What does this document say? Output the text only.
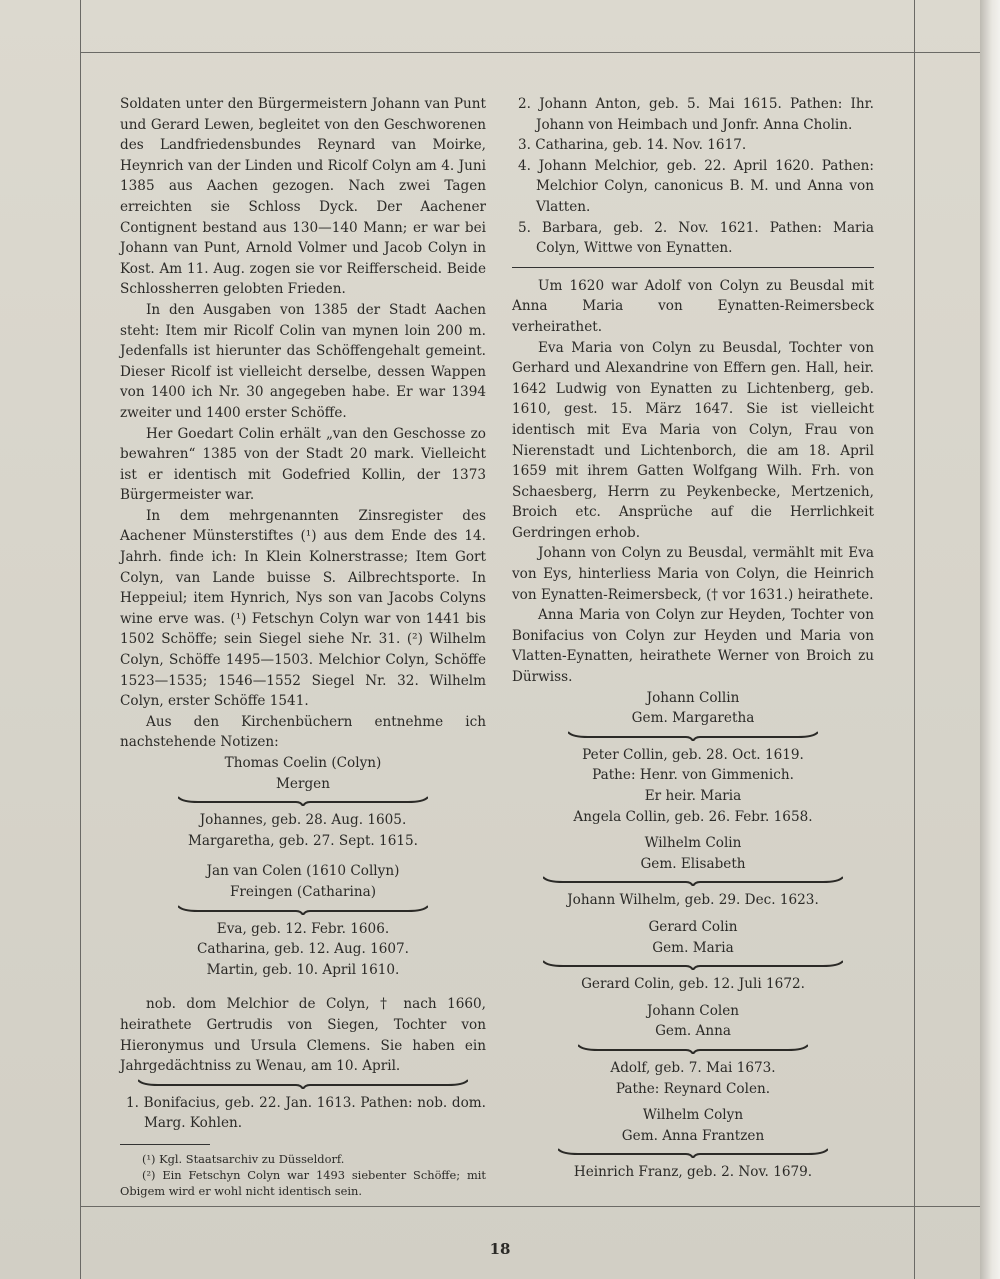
Soldaten unter den Bürgermeistern Johann van Punt und Gerard Lewen, begleitet von den Geschworenen des Landfriedensbundes Reynard van Moirke, Heynrich van der Linden und Ricolf Colyn am 4. Juni 1385 aus Aachen gezogen. Nach zwei Tagen erreichten sie Schloss Dyck. Der Aachener Contignent bestand aus 130—140 Mann; er war bei Johann van Punt, Arnold Volmer und Jacob Colyn in Kost. Am 11. Aug. zogen sie vor Reifferscheid. Beide Schlossherren gelobten Frieden.

In den Ausgaben von 1385 der Stadt Aachen steht: Item mir Ricolf Colin van mynen loin 200 m. Jedenfalls ist hierunter das Schöffengehalt gemeint. Dieser Ricolf ist vielleicht derselbe, dessen Wappen von 1400 ich Nr. 30 angegeben habe. Er war 1394 zweiter und 1400 erster Schöffe.

Her Goedart Colin erhält „van den Geschosse zo bewahren“ 1385 von der Stadt 20 mark. Vielleicht ist er identisch mit Godefried Kollin, der 1373 Bürgermeister war.

In dem mehrgenannten Zinsregister des Aachener Münsterstiftes (¹) aus dem Ende des 14. Jahrh. finde ich: In Klein Kolnerstrasse; Item Gort Colyn, van Lande buisse S. Ailbrechtsporte. In Heppeiul; item Hynrich, Nys son van Jacobs Colyns wine erve was. (¹) Fetschyn Colyn war von 1441 bis 1502 Schöffe; sein Siegel siehe Nr. 31. (²) Wilhelm Colyn, Schöffe 1495—1503. Melchior Colyn, Schöffe 1523—1535; 1546—1552 Siegel Nr. 32. Wilhelm Colyn, erster Schöffe 1541.

Aus den Kirchenbüchern entnehme ich nachstehende Notizen:

Thomas Coelin (Colyn)
Mergen
Johannes, geb. 28. Aug. 1605.
Margaretha, geb. 27. Sept. 1615.
Jan van Colen (1610 Collyn)
Freingen (Catharina)
Eva, geb. 12. Febr. 1606.
Catharina, geb. 12. Aug. 1607.
Martin, geb. 10. April 1610.

nob. dom Melchior de Colyn, † nach 1660, heirathete Gertrudis von Siegen, Tochter von Hieronymus und Ursula Clemens. Sie haben ein Jahrgedächtniss zu Wenau, am 10. April.

1. Bonifacius, geb. 22. Jan. 1613. Pathen: nob. dom. Marg. Kohlen.

(¹) Kgl. Staatsarchiv zu Düsseldorf.

(²) Ein Fetschyn Colyn war 1493 siebenter Schöffe; mit Obigem wird er wohl nicht identisch sein.

2. Johann Anton, geb. 5. Mai 1615. Pathen: Ihr. Johann von Heimbach und Jonfr. Anna Cholin.

3. Catharina, geb. 14. Nov. 1617.

4. Johann Melchior, geb. 22. April 1620. Pathen: Melchior Colyn, canonicus B. M. und Anna von Vlatten.

5. Barbara, geb. 2. Nov. 1621. Pathen: Maria Colyn, Wittwe von Eynatten.

Um 1620 war Adolf von Colyn zu Beusdal mit Anna Maria von Eynatten-Reimersbeck verheirathet.

Eva Maria von Colyn zu Beusdal, Tochter von Gerhard und Alexandrine von Effern gen. Hall, heir. 1642 Ludwig von Eynatten zu Lichtenberg, geb. 1610, gest. 15. März 1647. Sie ist vielleicht identisch mit Eva Maria von Colyn, Frau von Nierenstadt und Lichtenborch, die am 18. April 1659 mit ihrem Gatten Wolfgang Wilh. Frh. von Schaesberg, Herrn zu Peykenbecke, Mertzenich, Broich etc. Ansprüche auf die Herrlichkeit Gerdringen erhob.

Johann von Colyn zu Beusdal, vermählt mit Eva von Eys, hinterliess Maria von Colyn, die Heinrich von Eynatten-Reimersbeck, († vor 1631.) heirathete.

Anna Maria von Colyn zur Heyden, Tochter von Bonifacius von Colyn zur Heyden und Maria von Vlatten-Eynatten, heirathete Werner von Broich zu Dürwiss.

Johann Collin
Gem. Margaretha
Peter Collin, geb. 28. Oct. 1619.
Pathe: Henr. von Gimmenich.
Er heir. Maria
Angela Collin, geb. 26. Febr. 1658.
Wilhelm Colin
Gem. Elisabeth
Johann Wilhelm, geb. 29. Dec. 1623.
Gerard Colin
Gem. Maria
Gerard Colin, geb. 12. Juli 1672.
Johann Colen
Gem. Anna
Adolf, geb. 7. Mai 1673.
Pathe: Reynard Colen.
Wilhelm Colyn
Gem. Anna Frantzen
Heinrich Franz, geb. 2. Nov. 1679.
18
